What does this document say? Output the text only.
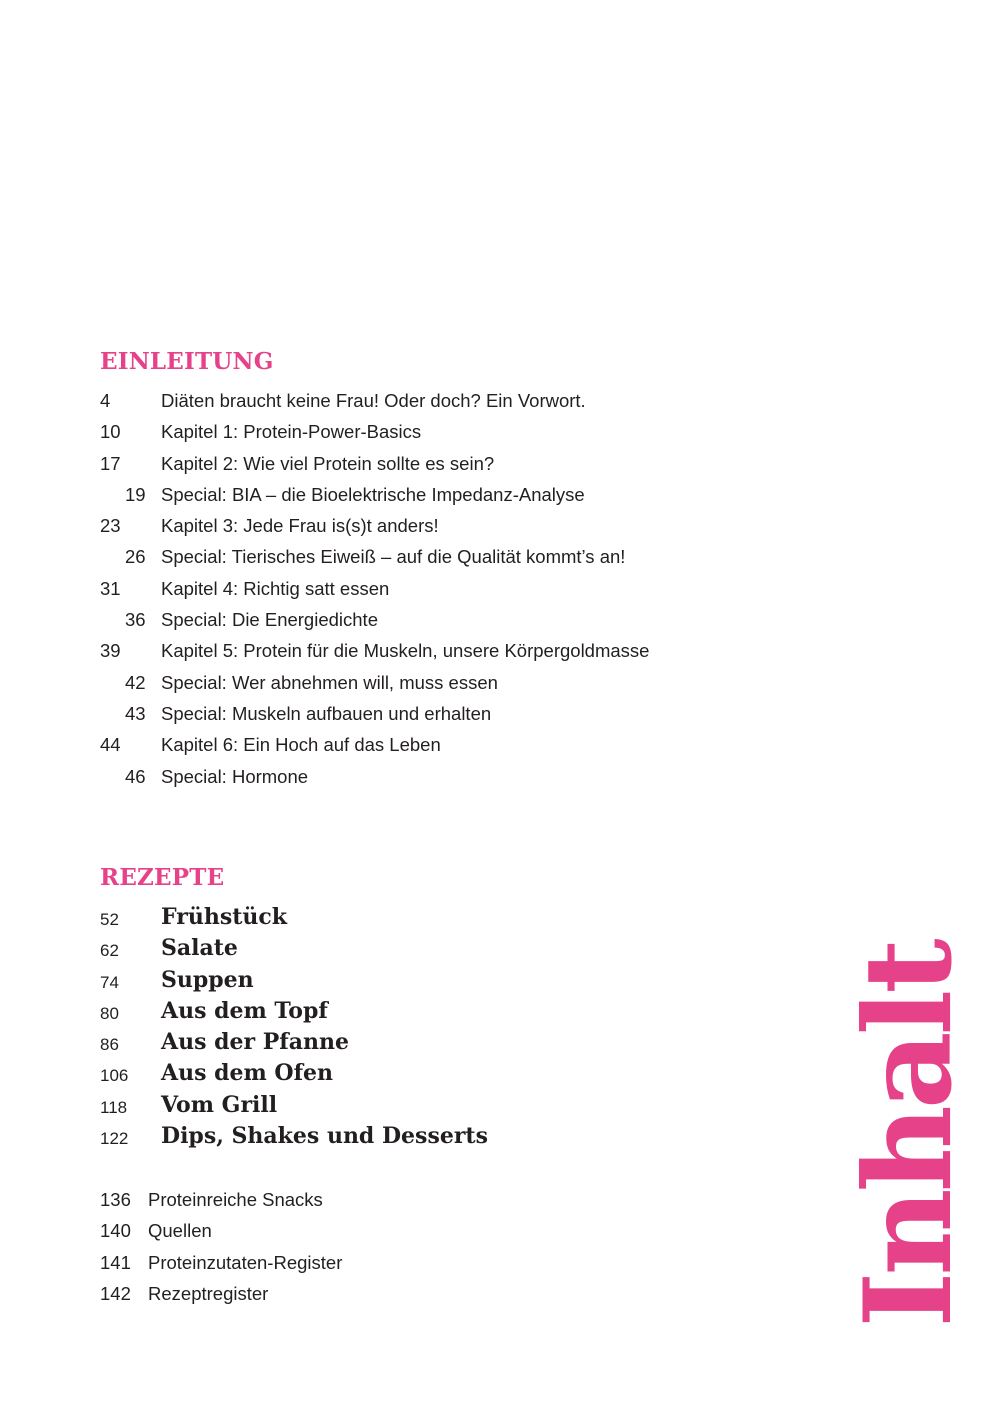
EINLEITUNG
4	Diäten braucht keine Frau! Oder doch? Ein Vorwort.
10 Kapitel 1: Protein-Power-Basics
17 Kapitel 2: Wie viel Protein sollte es sein?
19 Special: BIA – die Bioelektrische Impedanz-Analyse
23 Kapitel 3: Jede Frau is(s)t anders!
26 Special: Tierisches Eiweiß – auf die Qualität kommt’s an!
31 Kapitel 4: Richtig satt essen
36 Special: Die Energiedichte
39 Kapitel 5: Protein für die Muskeln, unsere Körpergoldmasse
42 Special: Wer abnehmen will, muss essen
43 Special: Muskeln aufbauen und erhalten
44 Kapitel 6: Ein Hoch auf das Leben
46 Special: Hormone
REZEPTE
52 Frühstück
62 Salate
74 Suppen
80 Aus dem Topf
86 Aus der Pfanne
106 Aus dem Ofen
118 Vom Grill
122 Dips, Shakes und Desserts
136 Proteinreiche Snacks
140 Quellen
141 Proteinzutaten-Register
142 Rezeptregister	Inhalt
